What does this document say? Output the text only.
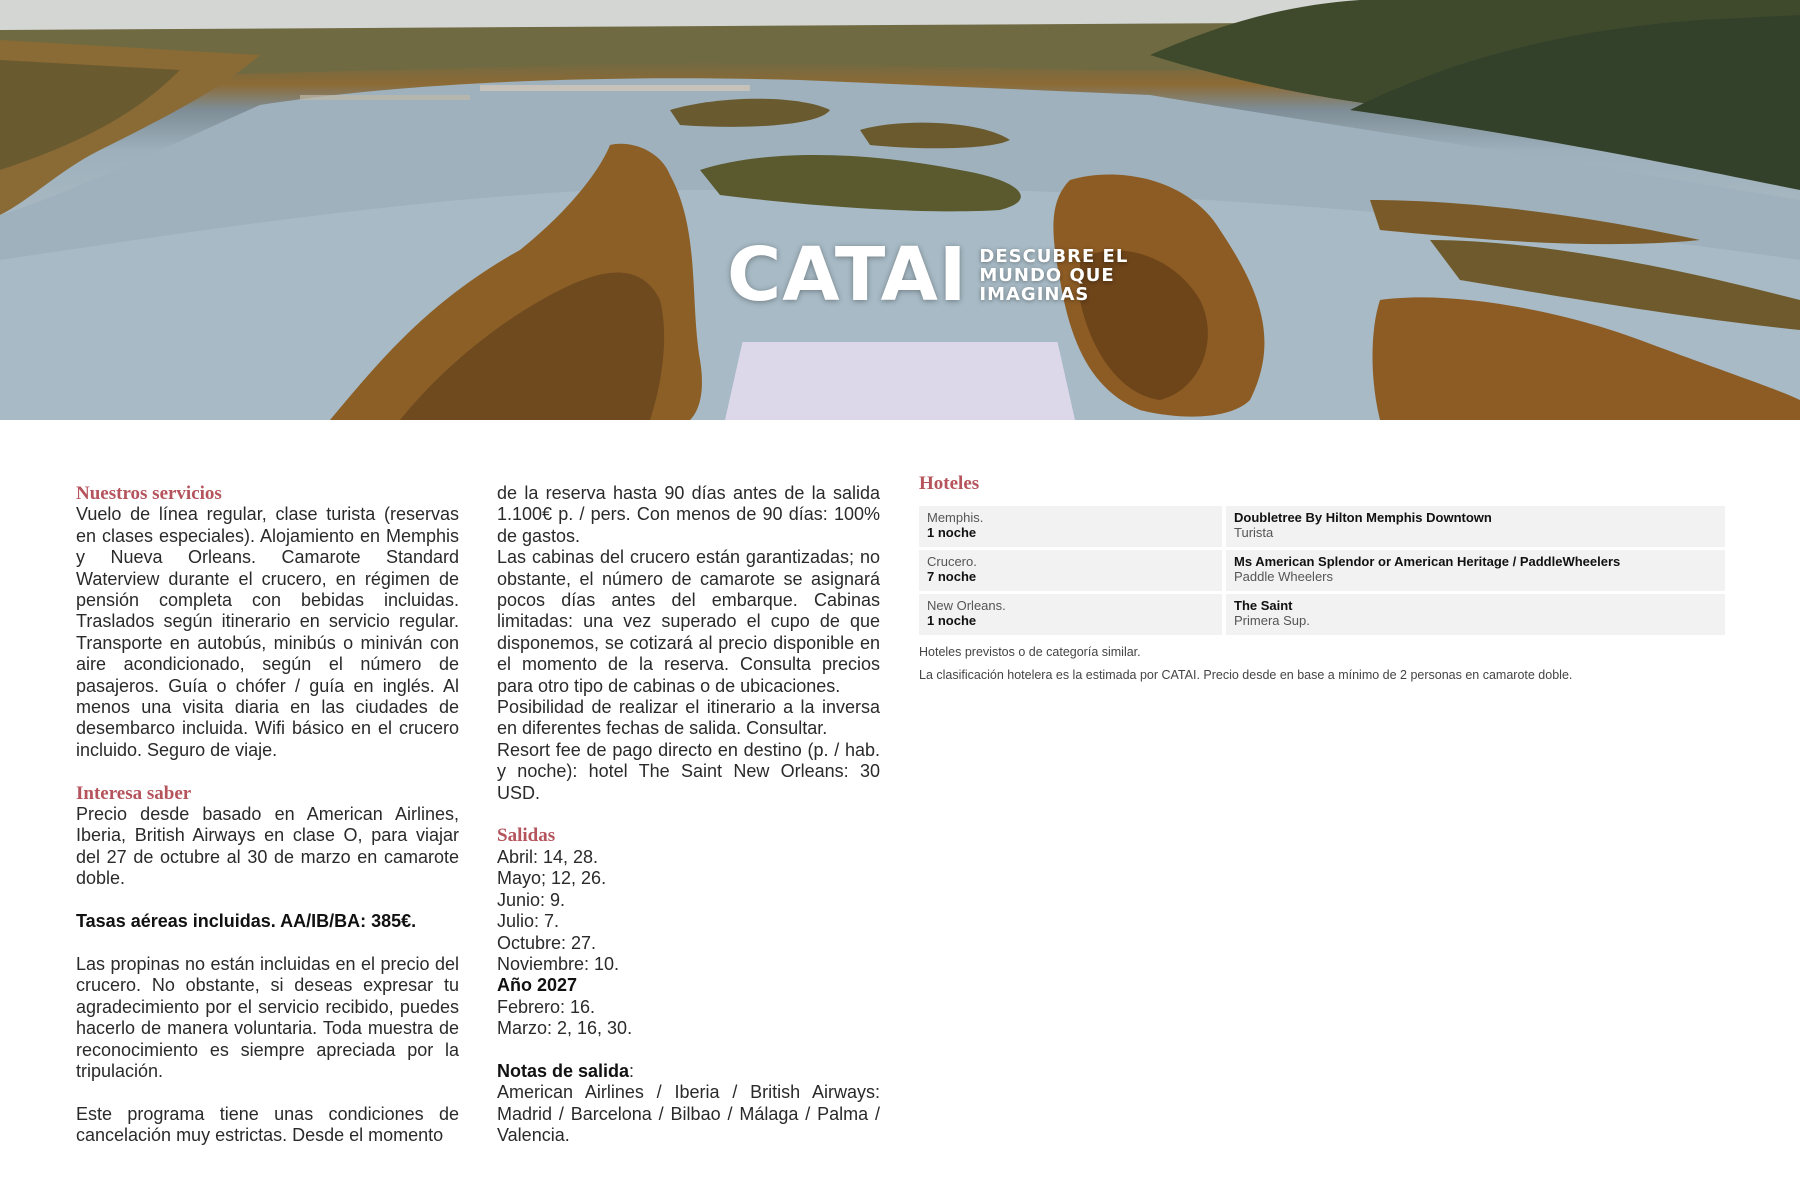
CATAI DESCUBRE EL
MUNDO QUE
IMAGINAS
Nuestros servicios

Vuelo de línea regular, clase turista (reservas en clases especiales). Alojamiento en Memphis y Nueva Orleans. Camarote Standard Waterview durante el crucero, en régimen de pensión completa con bebidas incluidas. Traslados según itinerario en servicio regular. Transporte en autobús, minibús o miniván con aire acondicionado, según el número de pasajeros. Guía o chófer / guía en inglés. Al menos una visita diaria en las ciudades de desembarco incluida. Wifi básico en el crucero incluido. Seguro de viaje.

Interesa saber

Precio desde basado en American Airlines, Iberia, British Airways en clase O, para viajar del 27 de octubre al 30 de marzo en camarote doble.

Tasas aéreas incluidas. AA/IB/BA: 385€.

Las propinas no están incluidas en el precio del crucero. No obstante, si deseas expresar tu agradecimiento por el servicio recibido, puedes hacerlo de manera voluntaria. Toda muestra de reconocimiento es siempre apreciada por la tripulación.

Este programa tiene unas condiciones de cancelación muy estrictas. Desde el momento

de la reserva hasta 90 días antes de la salida 1.100€ p. / pers. Con menos de 90 días: 100% de gastos.

Las cabinas del crucero están garantizadas; no obstante, el número de camarote se asignará pocos días antes del embarque. Cabinas limitadas: una vez superado el cupo de que disponemos, se cotizará al precio disponible en el momento de la reserva. Consulta precios para otro tipo de cabinas o de ubicaciones.

Posibilidad de realizar el itinerario a la inversa en diferentes fechas de salida. Consultar.

Resort fee de pago directo en destino (p. / hab. y noche): hotel The Saint New Orleans: 30 USD.

Salidas
Abril: 14, 28.
Mayo; 12, 26.
Junio: 9.
Julio: 7.
Octubre: 27.
Noviembre: 10.
Año 2027
Febrero: 16.
Marzo: 2, 16, 30.

Notas de salida:

American Airlines / Iberia / British Airways: Madrid / Barcelona / Bilbao / Málaga / Palma / Valencia.

Hoteles
Memphis.
1 noche
Doubletree By Hilton Memphis Downtown
Turista
Crucero.
7 noche
Ms American Splendor or American Heritage / PaddleWheelers
Paddle Wheelers
New Orleans.
1 noche
The Saint
Primera Sup.
Hoteles previstos o de categoría similar.
La clasificación hotelera es la estimada por CATAI. Precio desde en base a mínimo de 2 personas en camarote doble.
